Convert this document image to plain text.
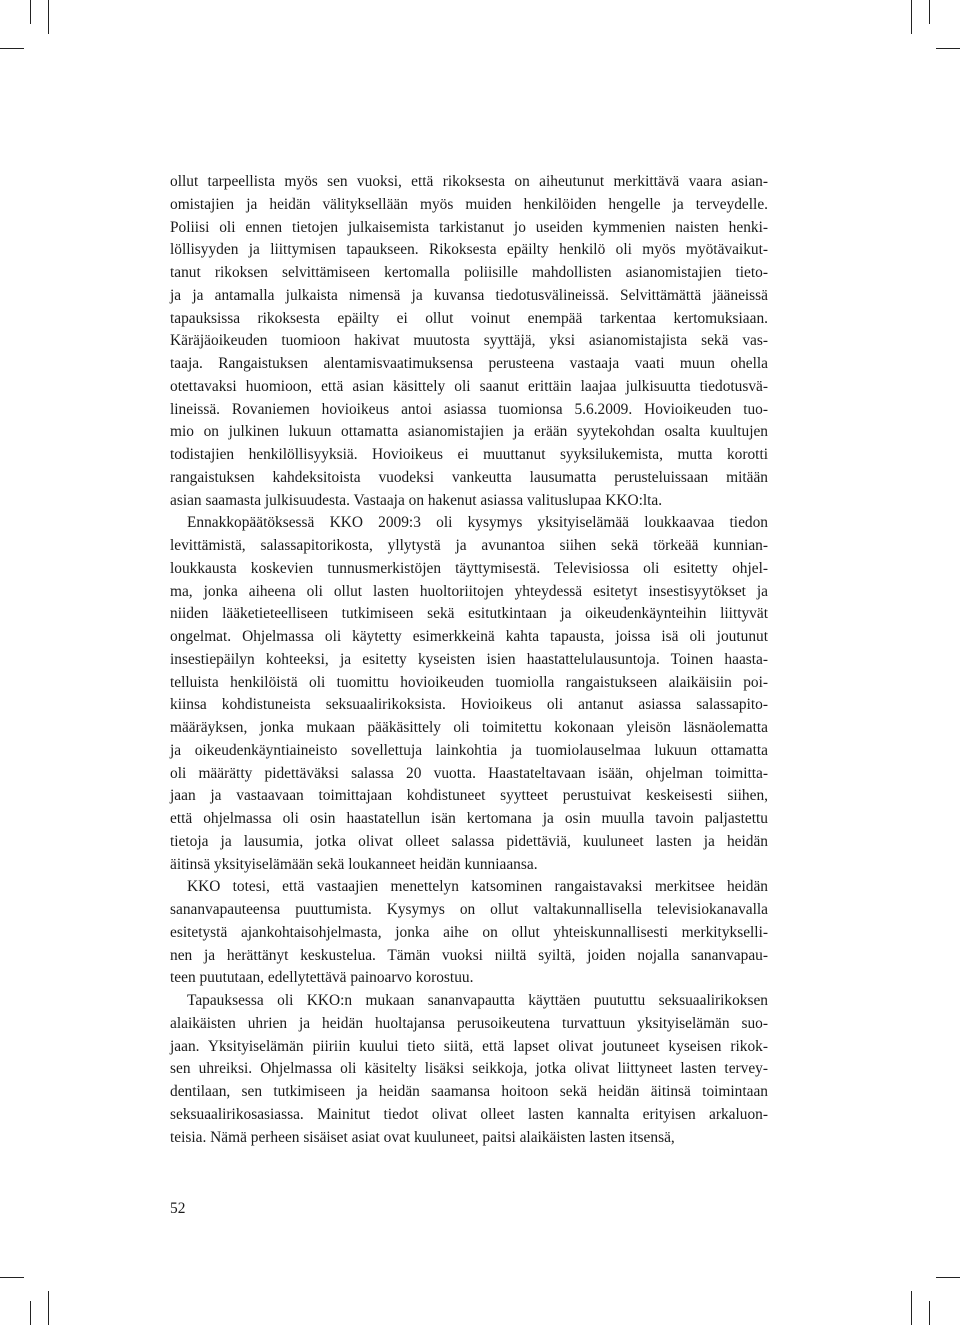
ollut tarpeellista myös sen vuoksi, että rikoksesta on aiheutunut merkittävä vaara asian-
omistajien ja heidän välityksellään myös muiden henkilöiden hengelle ja terveydelle.
Poliisi oli ennen tietojen julkaisemista tarkistanut jo useiden kymmenien naisten henki-
löllisyyden ja liittymisen tapaukseen. Rikoksesta epäilty henkilö oli myös myötävaikut-
tanut rikoksen selvittämiseen kertomalla poliisille mahdollisten asianomistajien tieto-
ja ja antamalla julkaista nimensä ja kuvansa tiedotusvälineissä. Selvittämättä jääneissä
tapauksissa rikoksesta epäilty ei ollut voinut enempää tarkentaa kertomuksiaan.
Käräjäoikeuden tuomioon hakivat muutosta syyttäjä, yksi asianomistajista sekä vas-
taaja. Rangaistuksen alentamisvaatimuksensa perusteena vastaaja vaati muun ohella
otettavaksi huomioon, että asian käsittely oli saanut erittäin laajaa julkisuutta tiedotusvä-
lineissä. Rovaniemen hovioikeus antoi asiassa tuomionsa 5.6.2009. Hovioikeuden tuo-
mio on julkinen lukuun ottamatta asianomistajien ja erään syytekohdan osalta kuultujen
todistajien henkilöllisyyksiä. Hovioikeus ei muuttanut syyksilukemista, mutta korotti
rangaistuksen kahdeksitoista vuodeksi vankeutta lausumatta perusteluissaan mitään
asian saamasta julkisuudesta. Vastaaja on hakenut asiassa valituslupaa KKO:lta.
Ennakkopäätöksessä KKO 2009:3 oli kysymys yksityiselämää loukkaavaa tiedon
levittämistä, salassapitorikosta, yllytystä ja avunantoa siihen sekä törkeää kunnian-
loukkausta koskevien tunnusmerkistöjen täyttymisestä. Televisiossa oli esitetty ohjel-
ma, jonka aiheena oli ollut lasten huoltoriitojen yhteydessä esitetyt insestisyytökset ja
niiden lääketieteelliseen tutkimiseen sekä esitutkintaan ja oikeudenkäynteihin liittyvät
ongelmat. Ohjelmassa oli käytetty esimerkkeinä kahta tapausta, joissa isä oli joutunut
insestiepäilyn kohteeksi, ja esitetty kyseisten isien haastattelulausuntoja. Toinen haasta-
telluista henkilöistä oli tuomittu hovioikeuden tuomiolla rangaistukseen alaikäisiin poi-
kiinsa kohdistuneista seksuaalirikoksista. Hovioikeus oli antanut asiassa salassapito-
määräyksen, jonka mukaan pääkäsittely oli toimitettu kokonaan yleisön läsnäolematta
ja oikeudenkäyntiaineisto sovellettuja lainkohtia ja tuomiolauselmaa lukuun ottamatta
oli määrätty pidettäväksi salassa 20 vuotta. Haastateltavaan isään, ohjelman toimitta-
jaan ja vastaavaan toimittajaan kohdistuneet syytteet perustuivat keskeisesti siihen,
että ohjelmassa oli osin haastatellun isän kertomana ja osin muulla tavoin paljastettu
tietoja ja lausumia, jotka olivat olleet salassa pidettäviä, kuuluneet lasten ja heidän
äitinsä yksityiselämään sekä loukanneet heidän kunniaansa.
KKO totesi, että vastaajien menettelyn katsominen rangaistavaksi merkitsee heidän
sananvapauteensa puuttumista. Kysymys on ollut valtakunnallisella televisiokanavalla
esitetystä ajankohtaisohjelmasta, jonka aihe on ollut yhteiskunnallisesti merkitykselli-
nen ja herättänyt keskustelua. Tämän vuoksi niiltä syiltä, joiden nojalla sananvapau-
teen puututaan, edellytettävä painoarvo korostuu.
Tapauksessa oli KKO:n mukaan sananvapautta käyttäen puututtu seksuaalirikoksen
alaikäisten uhrien ja heidän huoltajansa perusoikeutena turvattuun yksityiselämän suo-
jaan. Yksityiselämän piiriin kuului tieto siitä, että lapset olivat joutuneet kyseisen rikok-
sen uhreiksi. Ohjelmassa oli käsitelty lisäksi seikkoja, jotka olivat liittyneet lasten tervey-
dentilaan, sen tutkimiseen ja heidän saamansa hoitoon sekä heidän äitinsä toimintaan
seksuaalirikosasiassa. Mainitut tiedot olivat olleet lasten kannalta erityisen arkaluon-
teisia. Nämä perheen sisäiset asiat ovat kuuluneet, paitsi alaikäisten lasten itsensä,
52
